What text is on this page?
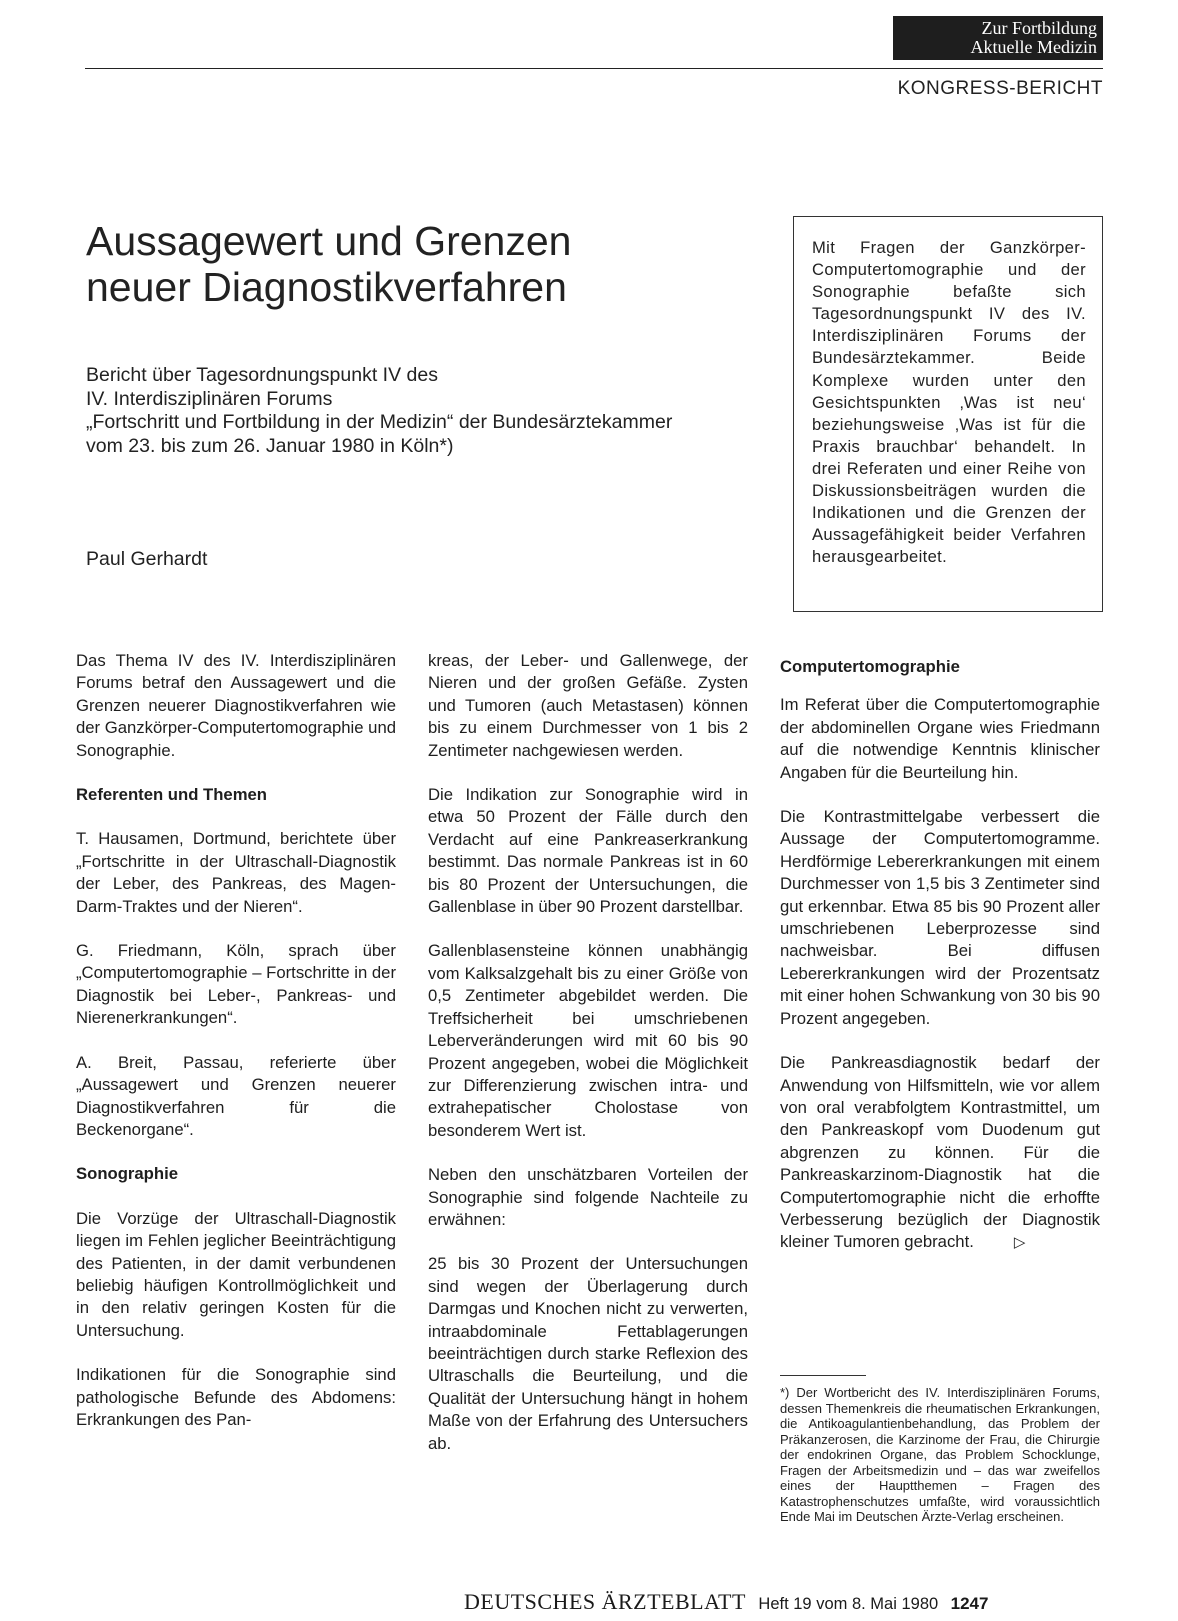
Zur Fortbildung
Aktuelle Medizin
KONGRESS-BERICHT
Aussagewert und Grenzen
neuer Diagnostikverfahren
Bericht über Tagesordnungspunkt IV des
IV. Interdisziplinären Forums
„Fortschritt und Fortbildung in der Medizin“ der Bundesärztekammer
vom 23. bis zum 26. Januar 1980 in Köln*)
Paul Gerhardt
Mit Fragen der Ganzkörper-Computertomographie und der Sonographie befaßte sich Tagesordnungspunkt IV des IV. Interdisziplinären Forums der Bundesärztekammer. Beide Komplexe wurden unter den Gesichtspunkten ‚Was ist neu‘ beziehungsweise ‚Was ist für die Praxis brauchbar‘ behandelt. In drei Referaten und einer Reihe von Diskussionsbeiträgen wurden die Indikationen und die Grenzen der Aussagefähigkeit beider Verfahren herausgearbeitet.

Das Thema IV des IV. Interdisziplinären Forums betraf den Aussagewert und die Grenzen neuerer Diagnostikverfahren wie der Ganzkörper-Computertomographie und Sonographie.

Referenten und Themen

T. Hausamen, Dortmund, berichtete über „Fortschritte in der Ultraschall-Diagnostik der Leber, des Pankreas, des Magen-Darm-Traktes und der Nieren“.

G. Friedmann, Köln, sprach über „Computertomographie – Fortschritte in der Diagnostik bei Leber-, Pankreas- und Nierenerkrankungen“.

A. Breit, Passau, referierte über „Aussagewert und Grenzen neuerer Diagnostikverfahren für die Beckenorgane“.

Sonographie

Die Vorzüge der Ultraschall-Diagnostik liegen im Fehlen jeglicher Beeinträchtigung des Patienten, in der damit verbundenen beliebig häufigen Kontrollmöglichkeit und in den relativ geringen Kosten für die Untersuchung.

Indikationen für die Sonographie sind pathologische Befunde des Abdomens: Erkrankungen des Pan-

kreas, der Leber- und Gallenwege, der Nieren und der großen Gefäße. Zysten und Tumoren (auch Metastasen) können bis zu einem Durchmesser von 1 bis 2 Zentimeter nachgewiesen werden.

Die Indikation zur Sonographie wird in etwa 50 Prozent der Fälle durch den Verdacht auf eine Pankreaserkrankung bestimmt. Das normale Pankreas ist in 60 bis 80 Prozent der Untersuchungen, die Gallenblase in über 90 Prozent darstellbar.

Gallenblasensteine können unabhängig vom Kalksalzgehalt bis zu einer Größe von 0,5 Zentimeter abgebildet werden. Die Treffsicherheit bei umschriebenen Leberveränderungen wird mit 60 bis 90 Prozent angegeben, wobei die Möglichkeit zur Differenzierung zwischen intra- und extrahepatischer Cholostase von besonderem Wert ist.

Neben den unschätzbaren Vorteilen der Sonographie sind folgende Nachteile zu erwähnen:

25 bis 30 Prozent der Untersuchungen sind wegen der Überlagerung durch Darmgas und Knochen nicht zu verwerten, intraabdominale Fettablagerungen beeinträchtigen durch starke Reflexion des Ultraschalls die Beurteilung, und die Qualität der Untersuchung hängt in hohem Maße von der Erfahrung des Untersuchers ab.

Computertomographie

Im Referat über die Computertomographie der abdominellen Organe wies Friedmann auf die notwendige Kenntnis klinischer Angaben für die Beurteilung hin.

Die Kontrastmittelgabe verbessert die Aussage der Computertomogramme. Herdförmige Lebererkrankungen mit einem Durchmesser von 1,5 bis 3 Zentimeter sind gut erkennbar. Etwa 85 bis 90 Prozent aller umschriebenen Leberprozesse sind nachweisbar. Bei diffusen Lebererkrankungen wird der Prozentsatz mit einer hohen Schwankung von 30 bis 90 Prozent angegeben.

Die Pankreasdiagnostik bedarf der Anwendung von Hilfsmitteln, wie vor allem von oral verabfolgtem Kontrastmittel, um den Pankreaskopf vom Duodenum gut abgrenzen zu können. Für die Pankreaskarzinom-Diagnostik hat die Computertomographie nicht die erhoffte Verbesserung bezüglich der Diagnostik kleiner Tumoren gebracht.	▷

*) Der Wortbericht des IV. Interdisziplinären Forums, dessen Themenkreis die rheumatischen Erkrankungen, die Antikoagulantienbehandlung, das Problem der Präkanzerosen, die Karzinome der Frau, die Chirurgie der endokrinen Organe, das Problem Schocklunge, Fragen der Arbeitsmedizin und – das war zweifellos eines der Hauptthemen – Fragen des Katastrophenschutzes umfaßte, wird voraussichtlich Ende Mai im Deutschen Ärzte-Verlag erscheinen.
DEUTSCHES ÄRZTEBLATT Heft 19 vom 8. Mai 1980 1247
